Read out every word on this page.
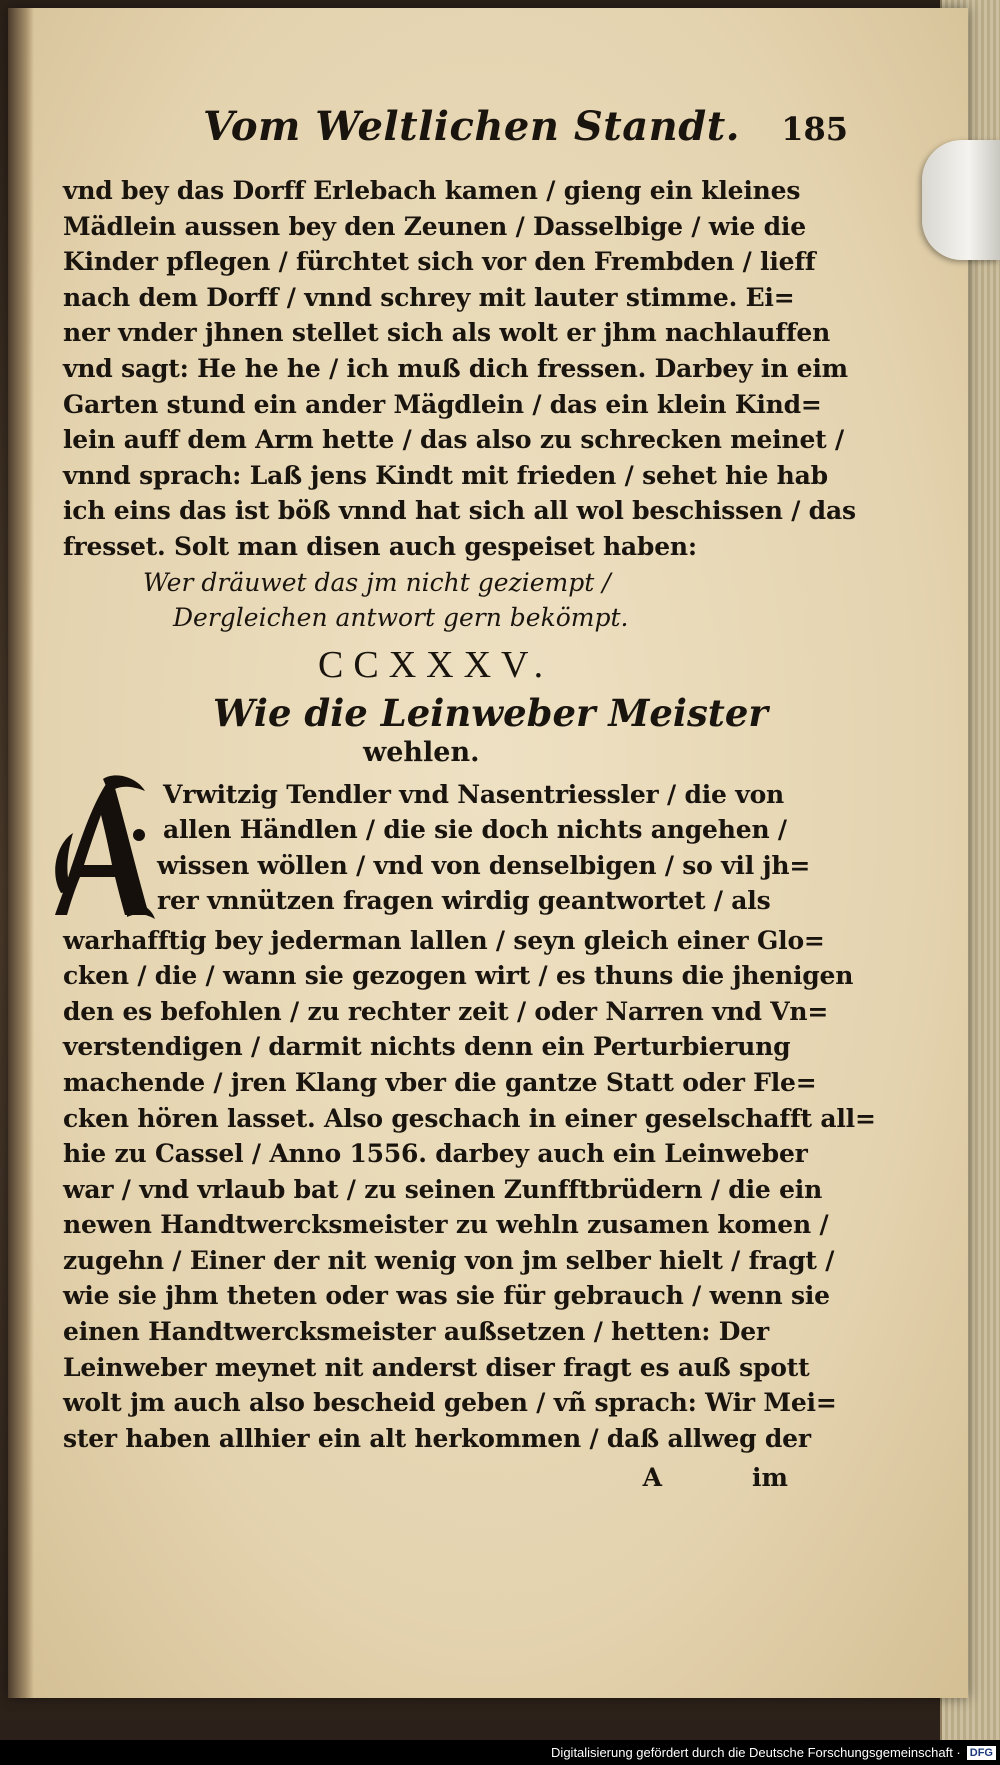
Vom Weltlichen Standt. 185
vnd bey das Dorff Erlebach kamen / gieng ein kleines
Mädlein aussen bey den Zeunen / Dasselbige / wie die
Kinder pflegen / fürchtet sich vor den Frembden / lieff
nach dem Dorff / vnnd schrey mit lauter stimme. Ei=
ner vnder jhnen stellet sich als wolt er jhm nachlauffen
vnd sagt: He he he / ich muß dich fressen. Darbey in eim
Garten stund ein ander Mägdlein / das ein klein Kind=
lein auff dem Arm hette / das also zu schrecken meinet /
vnnd sprach: Laß jens Kindt mit frieden / sehet hie hab
ich eins das ist böß vnnd hat sich all wol beschissen / das
fresset. Solt man disen auch gespeiset haben:
Wer dräuwet das jm nicht geziempt /
Dergleichen antwort gern bekömpt.
CCXXXV.
Wie die Leinweber Meister
wehlen.
A
Vrwitzig Tendler vnd Nasentriessler / die von
allen Händlen / die sie doch nichts angehen /
wissen wöllen / vnd von denselbigen / so vil jh=
rer vnnützen fragen wirdig geantwortet / als
warhafftig bey jederman lallen / seyn gleich einer Glo=
cken / die / wann sie gezogen wirt / es thuns die jhenigen
den es befohlen / zu rechter zeit / oder Narren vnd Vn=
verstendigen / darmit nichts denn ein Perturbierung
machende / jren Klang vber die gantze Statt oder Fle=
cken hören lasset. Also geschach in einer geselschafft all=
hie zu Cassel / Anno 1556. darbey auch ein Leinweber
war / vnd vrlaub bat / zu seinen Zunfftbrüdern / die ein
newen Handtwercksmeister zu wehln zusamen komen /
zugehn / Einer der nit wenig von jm selber hielt / fragt /
wie sie jhm theten oder was sie für gebrauch / wenn sie
einen Handtwercksmeister außsetzen / hetten: Der
Leinweber meynet nit anderst diser fragt es auß spott
wolt jm auch also bescheid geben / vñ sprach: Wir Mei=
ster haben allhier ein alt herkommen / daß allweg der
A	im
Digitalisierung gefördert durch die Deutsche Forschungsgemeinschaft · DFG
